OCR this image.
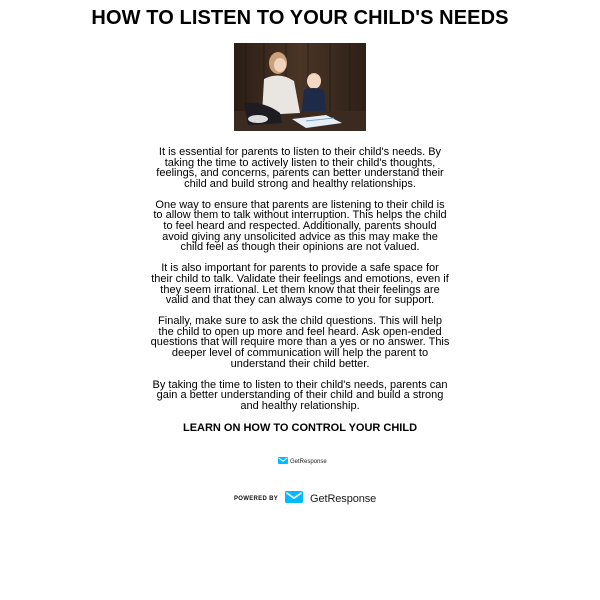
HOW TO LISTEN TO YOUR CHILD'S NEEDS

It is essential for parents to listen to their child's needs. By taking the time to actively listen to their child's thoughts, feelings, and concerns, parents can better understand their child and build strong and healthy relationships.

One way to ensure that parents are listening to their child is to allow them to talk without interruption. This helps the child to feel heard and respected. Additionally, parents should avoid giving any unsolicited advice as this may make the child feel as though their opinions are not valued.

It is also important for parents to provide a safe space for their child to talk. Validate their feelings and emotions, even if they seem irrational. Let them know that their feelings are valid and that they can always come to you for support.

Finally, make sure to ask the child questions. This will help the child to open up more and feel heard. Ask open-ended questions that will require more than a yes or no answer. This deeper level of communication will help the parent to understand their child better.

By taking the time to listen to their child's needs, parents can gain a better understanding of their child and build a strong and healthy relationship.

LEARN ON HOW TO CONTROL YOUR CHILD
GetResponse
POWERED BY	GetResponse
